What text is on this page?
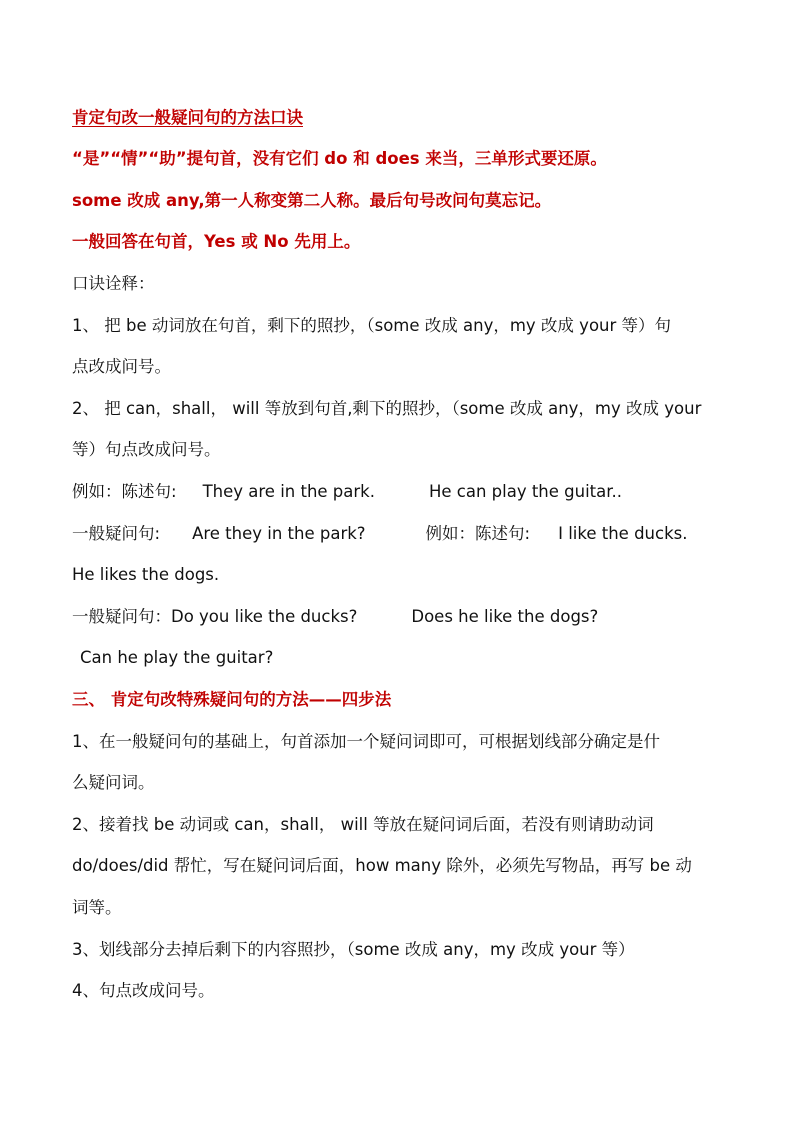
肯定句改一般疑问句的方法口诀
“是”“情”“助”提句首，没有它们 do 和 does 来当，三单形式要还原。
some 改成 any,第一人称变第二人称。最后句号改问句莫忘记。
一般回答在句首，Yes 或 No 先用上。
口诀诠释：
1、 把 be 动词放在句首，剩下的照抄，（some 改成 any，my 改成 your 等）句
点改成问号。
2、 把 can，shall， will 等放到句首,剩下的照抄，（some 改成 any，my 改成 your
等）句点改成问号。
例如：陈述句: They are in the park.	He can play the guitar..
一般疑问句: Are they in the park?	例如：陈述句: I like the ducks.
He likes the dogs.
一般疑问句：Do you like the ducks?	Does he like the dogs?
Can he play the guitar?
三、 肯定句改特殊疑问句的方法——四步法
1、在一般疑问句的基础上，句首添加一个疑问词即可，可根据划线部分确定是什
么疑问词。
2、接着找 be 动词或 can，shall， will 等放在疑问词后面，若没有则请助动词
do/does/did 帮忙，写在疑问词后面，how many 除外，必须先写物品，再写 be 动
词等。
3、划线部分去掉后剩下的内容照抄，（some 改成 any，my 改成 your 等）
4、句点改成问号。
